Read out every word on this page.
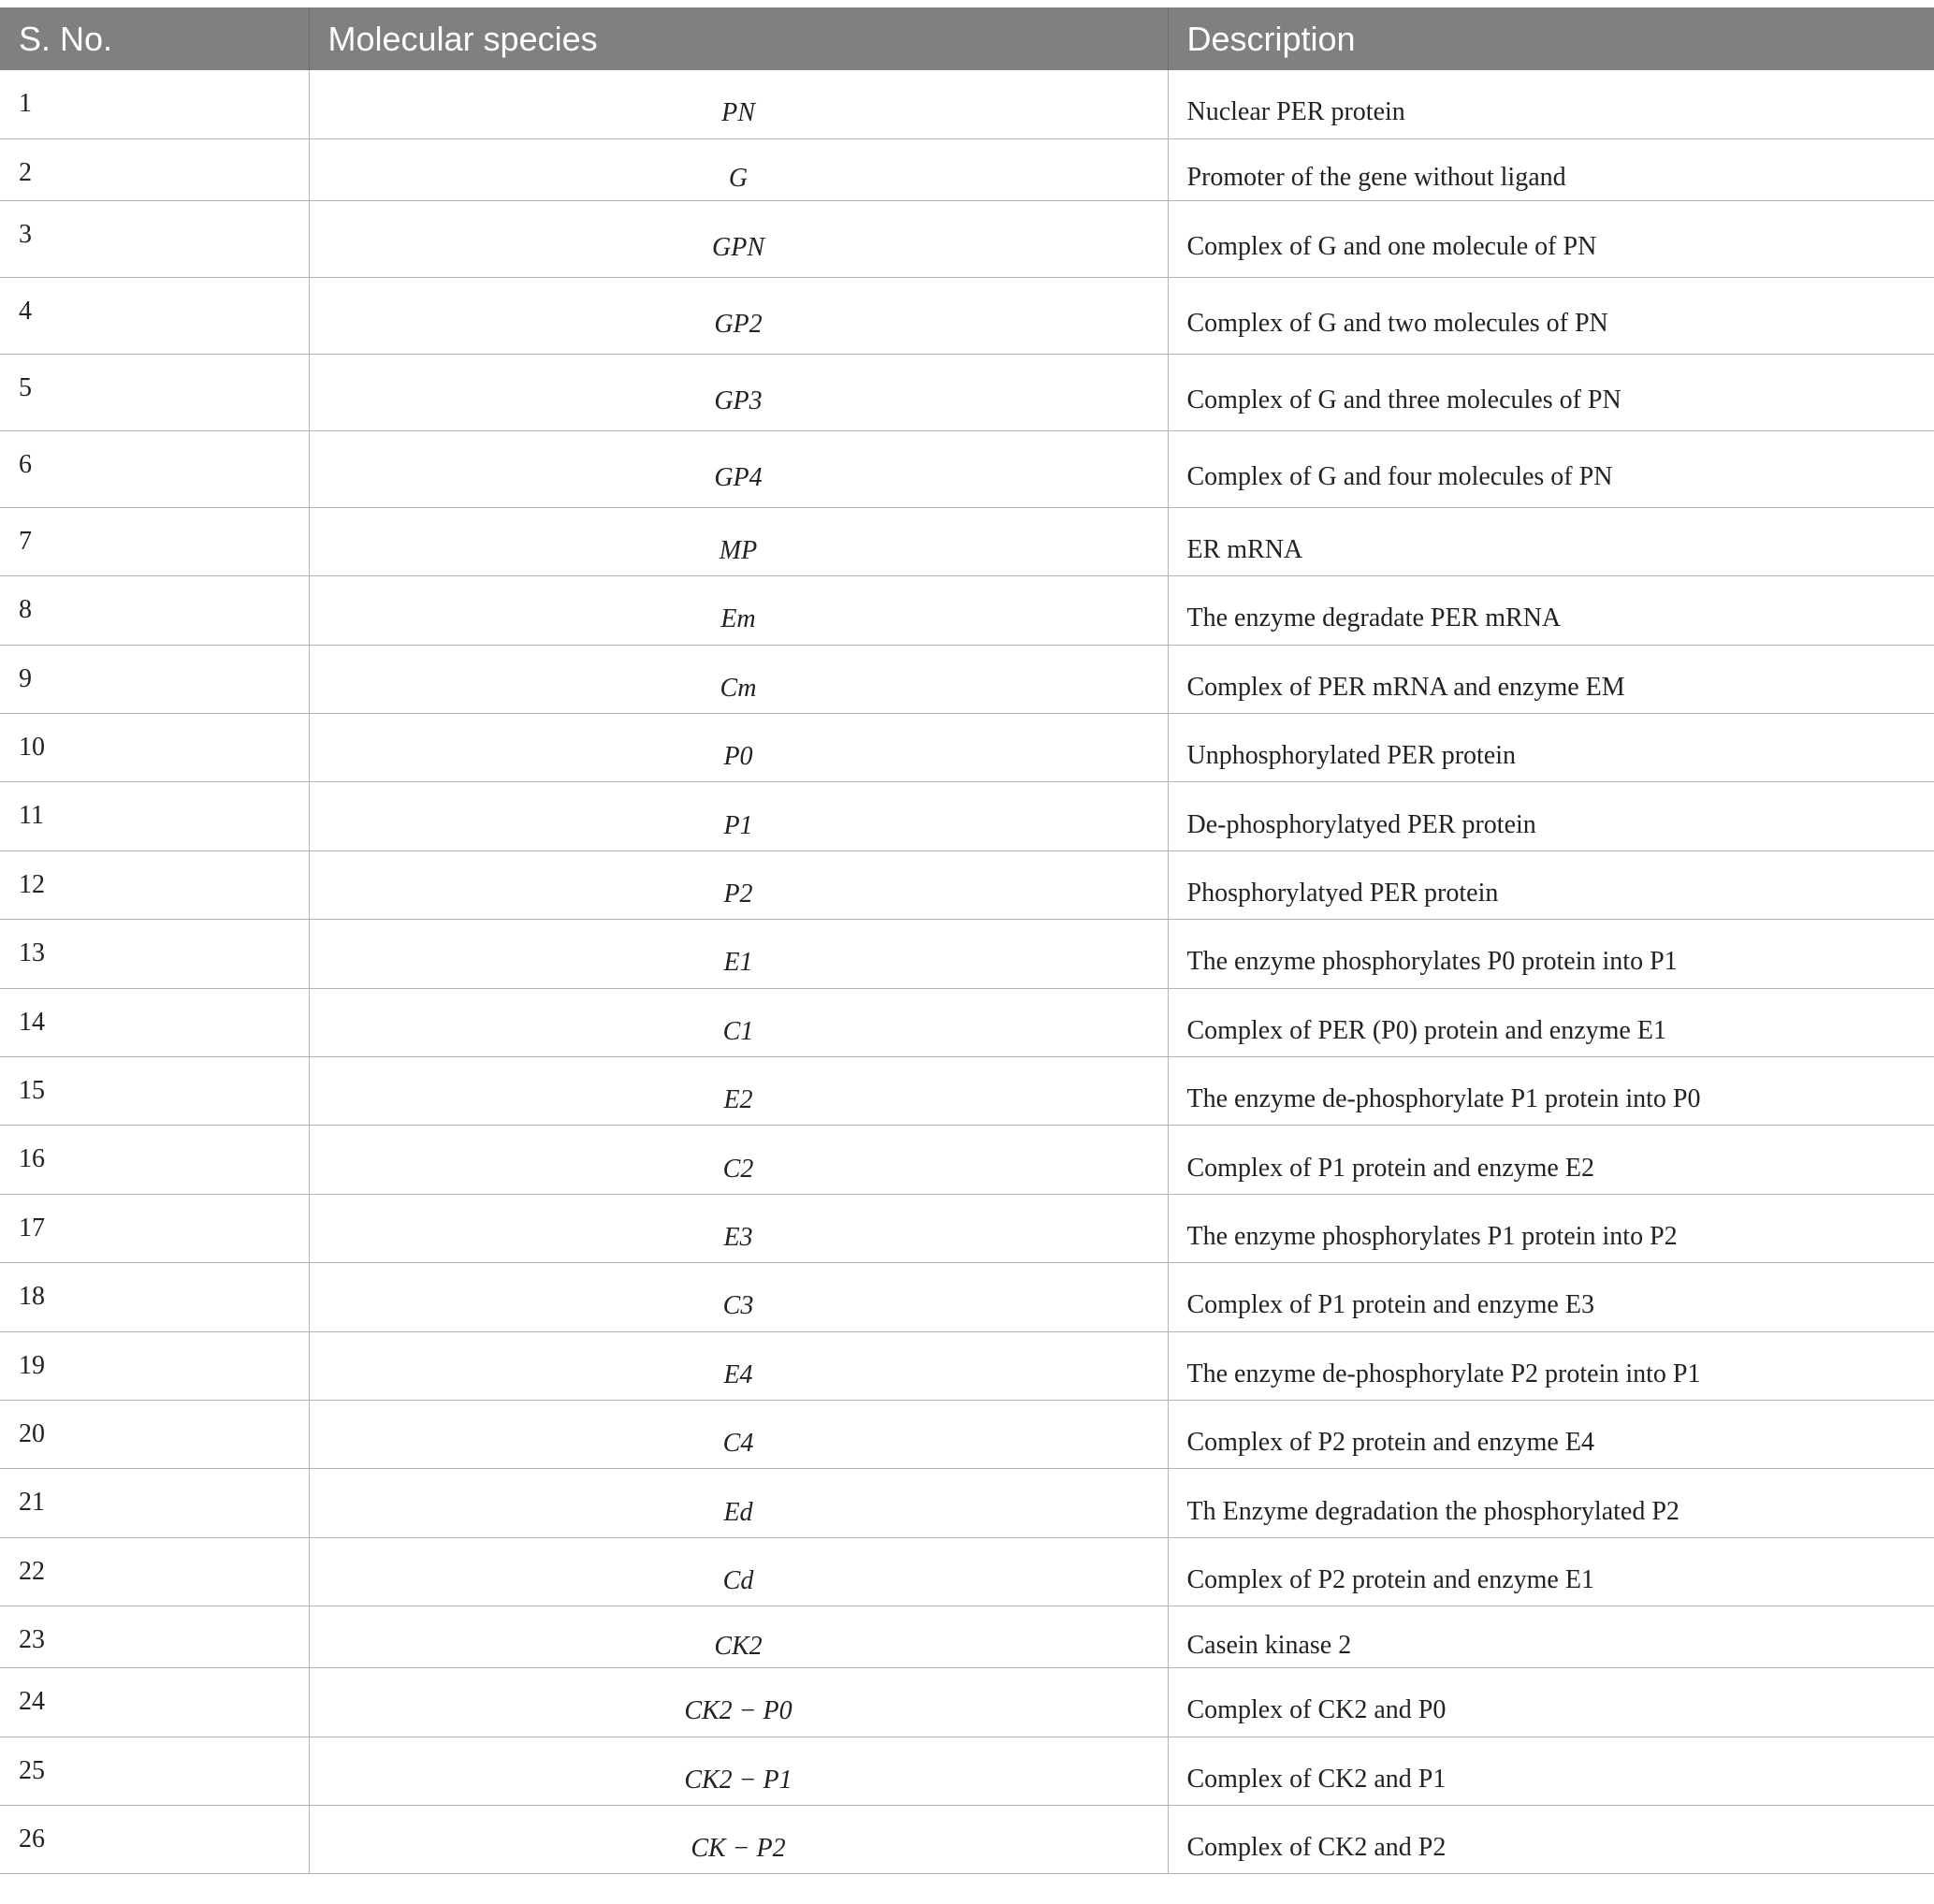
S. No.	Molecular species	Description
1	PN	Nuclear PER protein
2	G	Promoter of the gene without ligand
3	GPN	Complex of G and one molecule of PN
4	GP2	Complex of G and two molecules of PN
5	GP3	Complex of G and three molecules of PN
6	GP4	Complex of G and four molecules of PN
7	MP	ER mRNA
8	Em	The enzyme degradate PER mRNA
9	Cm	Complex of PER mRNA and enzyme EM
10	P0	Unphosphorylated PER protein
11	P1	De-phosphorylatyed PER protein
12	P2	Phosphorylatyed PER protein
13	E1	The enzyme phosphorylates P0 protein into P1
14	C1	Complex of PER (P0) protein and enzyme E1
15	E2	The enzyme de-phosphorylate P1 protein into P0
16	C2	Complex of P1 protein and enzyme E2
17	E3	The enzyme phosphorylates P1 protein into P2
18	C3	Complex of P1 protein and enzyme E3
19	E4	The enzyme de-phosphorylate P2 protein into P1
20	C4	Complex of P2 protein and enzyme E4
21	Ed	Th Enzyme degradation the phosphorylated P2
22	Cd	Complex of P2 protein and enzyme E1
23	CK2	Casein kinase 2
24	CK2 − P0	Complex of CK2 and P0
25	CK2 − P1	Complex of CK2 and P1
26	CK − P2	Complex of CK2 and P2
